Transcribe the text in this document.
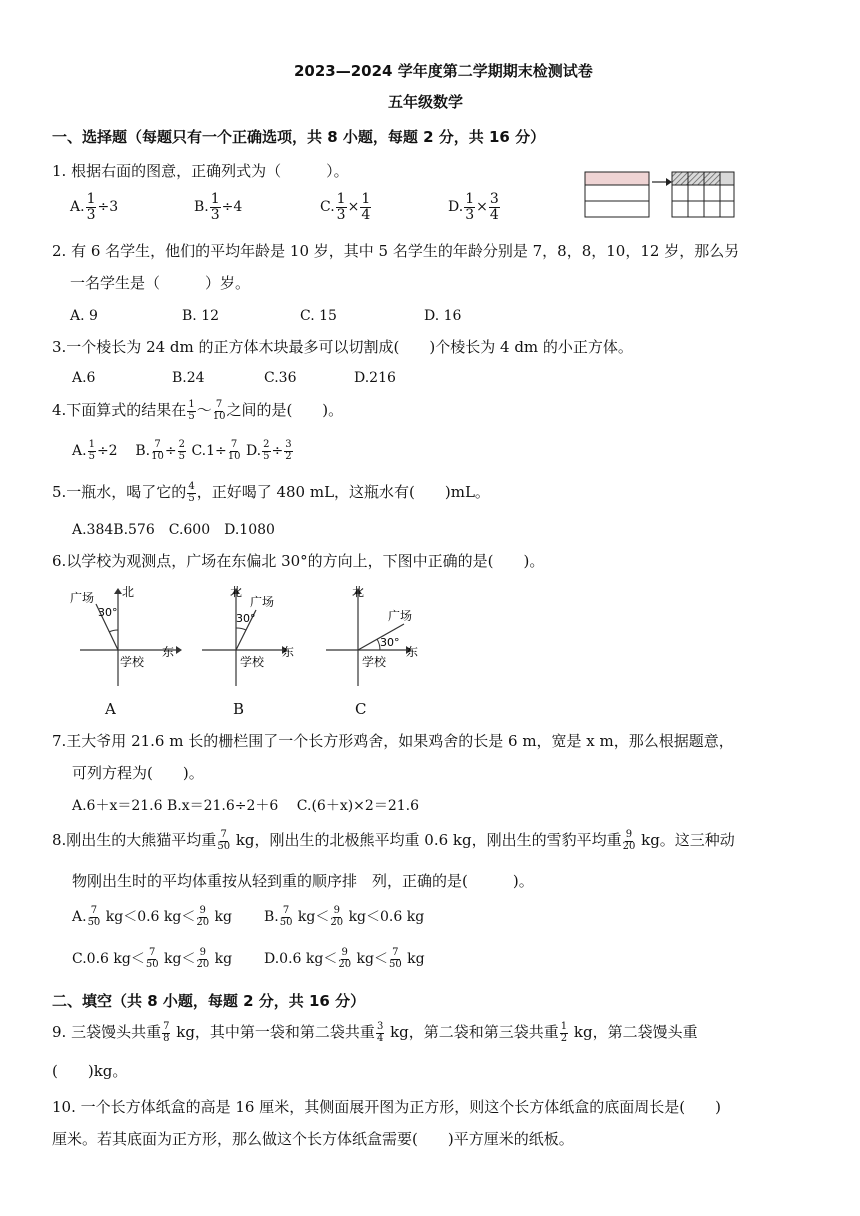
2023—2024 学年度第二学期期末检测试卷
五年级数学
一、选择题（每题只有一个正确选项，共 8 小题，每题 2 分，共 16 分）
1. 根据右面的图意，正确列式为（　　　）。
A. $\frac{1}{3} \div 3$	B. $\frac{1}{3} \div 4$	C. $\frac{1}{3} \times \frac{1}{4}$	D. $\frac{1}{3} \times \frac{3}{4}$
2. 有 6 名学生，他们的平均年龄是 10 岁，其中 5 名学生的年龄分别是 7，8，8，10，12 岁，那么另
一名学生是（　　　）岁。
A. 9	B. 12	C. 15	D. 16
3.一个棱长为 24 dm 的正方体木块最多可以切割成(　　)个棱长为 4 dm 的小正方体。
A.6	B.24	C.36	D.216
4.下面算式的结果在 $\frac{1}{5}$ ～ $\frac{7}{10}$ 之间的是(　　)。
A. $\frac{1}{5} \div 2$ B. $\frac{7}{10} \div \frac{2}{5} C.1\div \frac{7}{10} D$. $\frac{2}{5} \div \frac{3}{2}$
5.一瓶水，喝了它的 $\frac{4}{5}$ ，正好喝了 480 mL，这瓶水有(　　)mL。
A.384B.576　C.600　D.1080
6.以学校为观测点，广场在东偏北 30°的方向上，下图中正确的是(　　)。
北
广场
30°
学校
东
A
北
广场
30°
学校
东
B
北
广场
30°
学校
东
C
7.王大爷用 21.6 m 长的栅栏围了一个长方形鸡舍，如果鸡舍的长是 6 m，宽是 x m，那么根据题意，
可列方程为(　　)。
A.6＋x＝21.6 B.x＝21.6÷2＋6　 C.(6＋x)×2＝21.6
8.刚出生的大熊猫平均重 $\frac{7}{50}$ kg，刚出生的北极熊平均重 0.6 kg，刚出生的雪豹平均重 $\frac{9}{20}$ kg。这三种动
物刚出生时的平均体重按从轻到重的顺序排　列，正确的是(　　　)。
A. $\frac{7}{50} kg<0.6$ $kg< \frac{9}{20}$ kg B. $\frac{7}{50} kg< \frac{9}{20} kg<0.6$ kg
C.0.6 $kg< \frac{7}{50} kg< \frac{9}{20}$ kg D.0.6 $kg< \frac{9}{20} kg< \frac{7}{50}$ kg
二、填空（共 8 小题，每题 2 分，共 16 分）
9. 三袋馒头共重 $\frac{7}{8}$ kg，其中第一袋和第二袋共重 $\frac{3}{4}$ kg，第二袋和第三袋共重 $\frac{1}{2}$ kg，第二袋馒头重
(　　)kg。
10. 一个长方体纸盒的高是 16 厘米，其侧面展开图为正方形，则这个长方体纸盒的底面周长是(　　)
厘米。若其底面为正方形，那么做这个长方体纸盒需要(　　)平方厘米的纸板。
